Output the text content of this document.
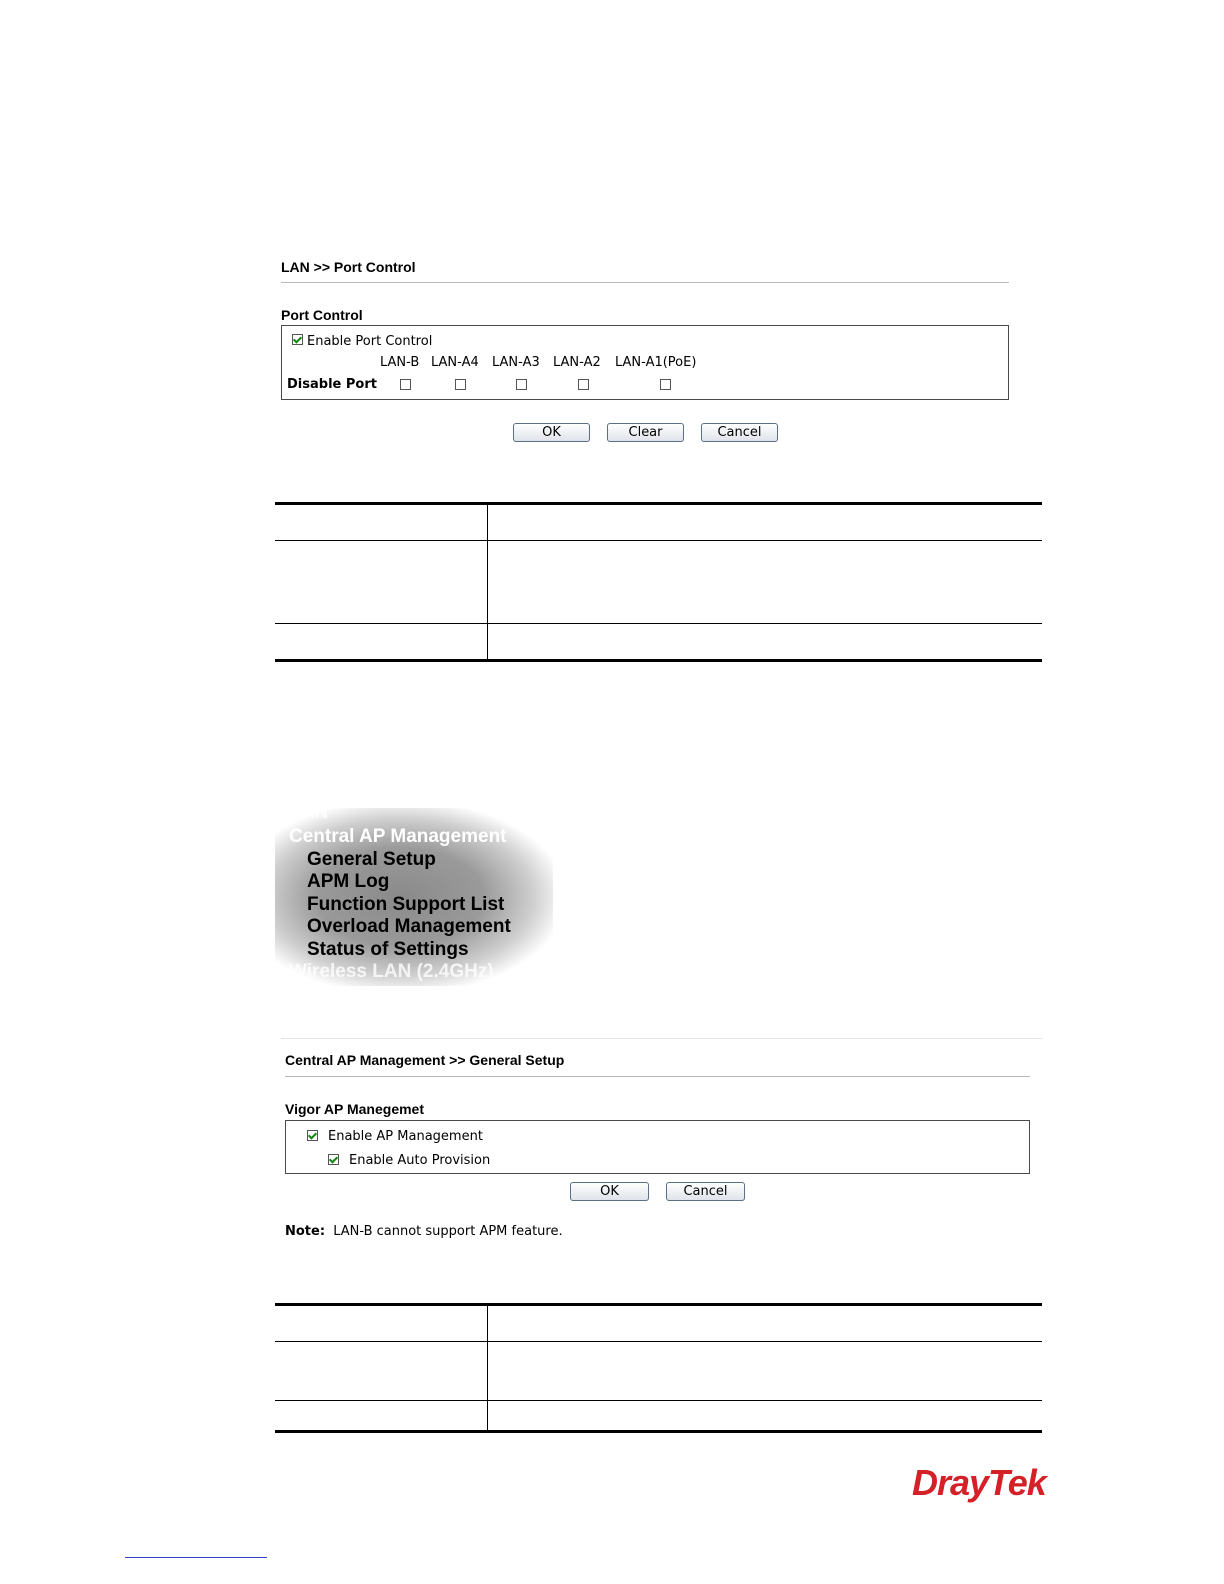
LAN >> Port Control
Port Control
Enable Port Control
LAN-B LAN-A4 LAN-A3 LAN-A2 LAN-A1(PoE)
Disable Port
OK	Clear	Cancel
LAN
Central AP Management
General Setup
APM Log
Function Support List
Overload Management
Status of Settings
Wireless LAN (2.4GHz)
Central AP Management >> General Setup
Vigor AP Manegemet
Enable AP Management
Enable Auto Provision
OK	Cancel
Note: LAN-B cannot support APM feature.
DrayTek
